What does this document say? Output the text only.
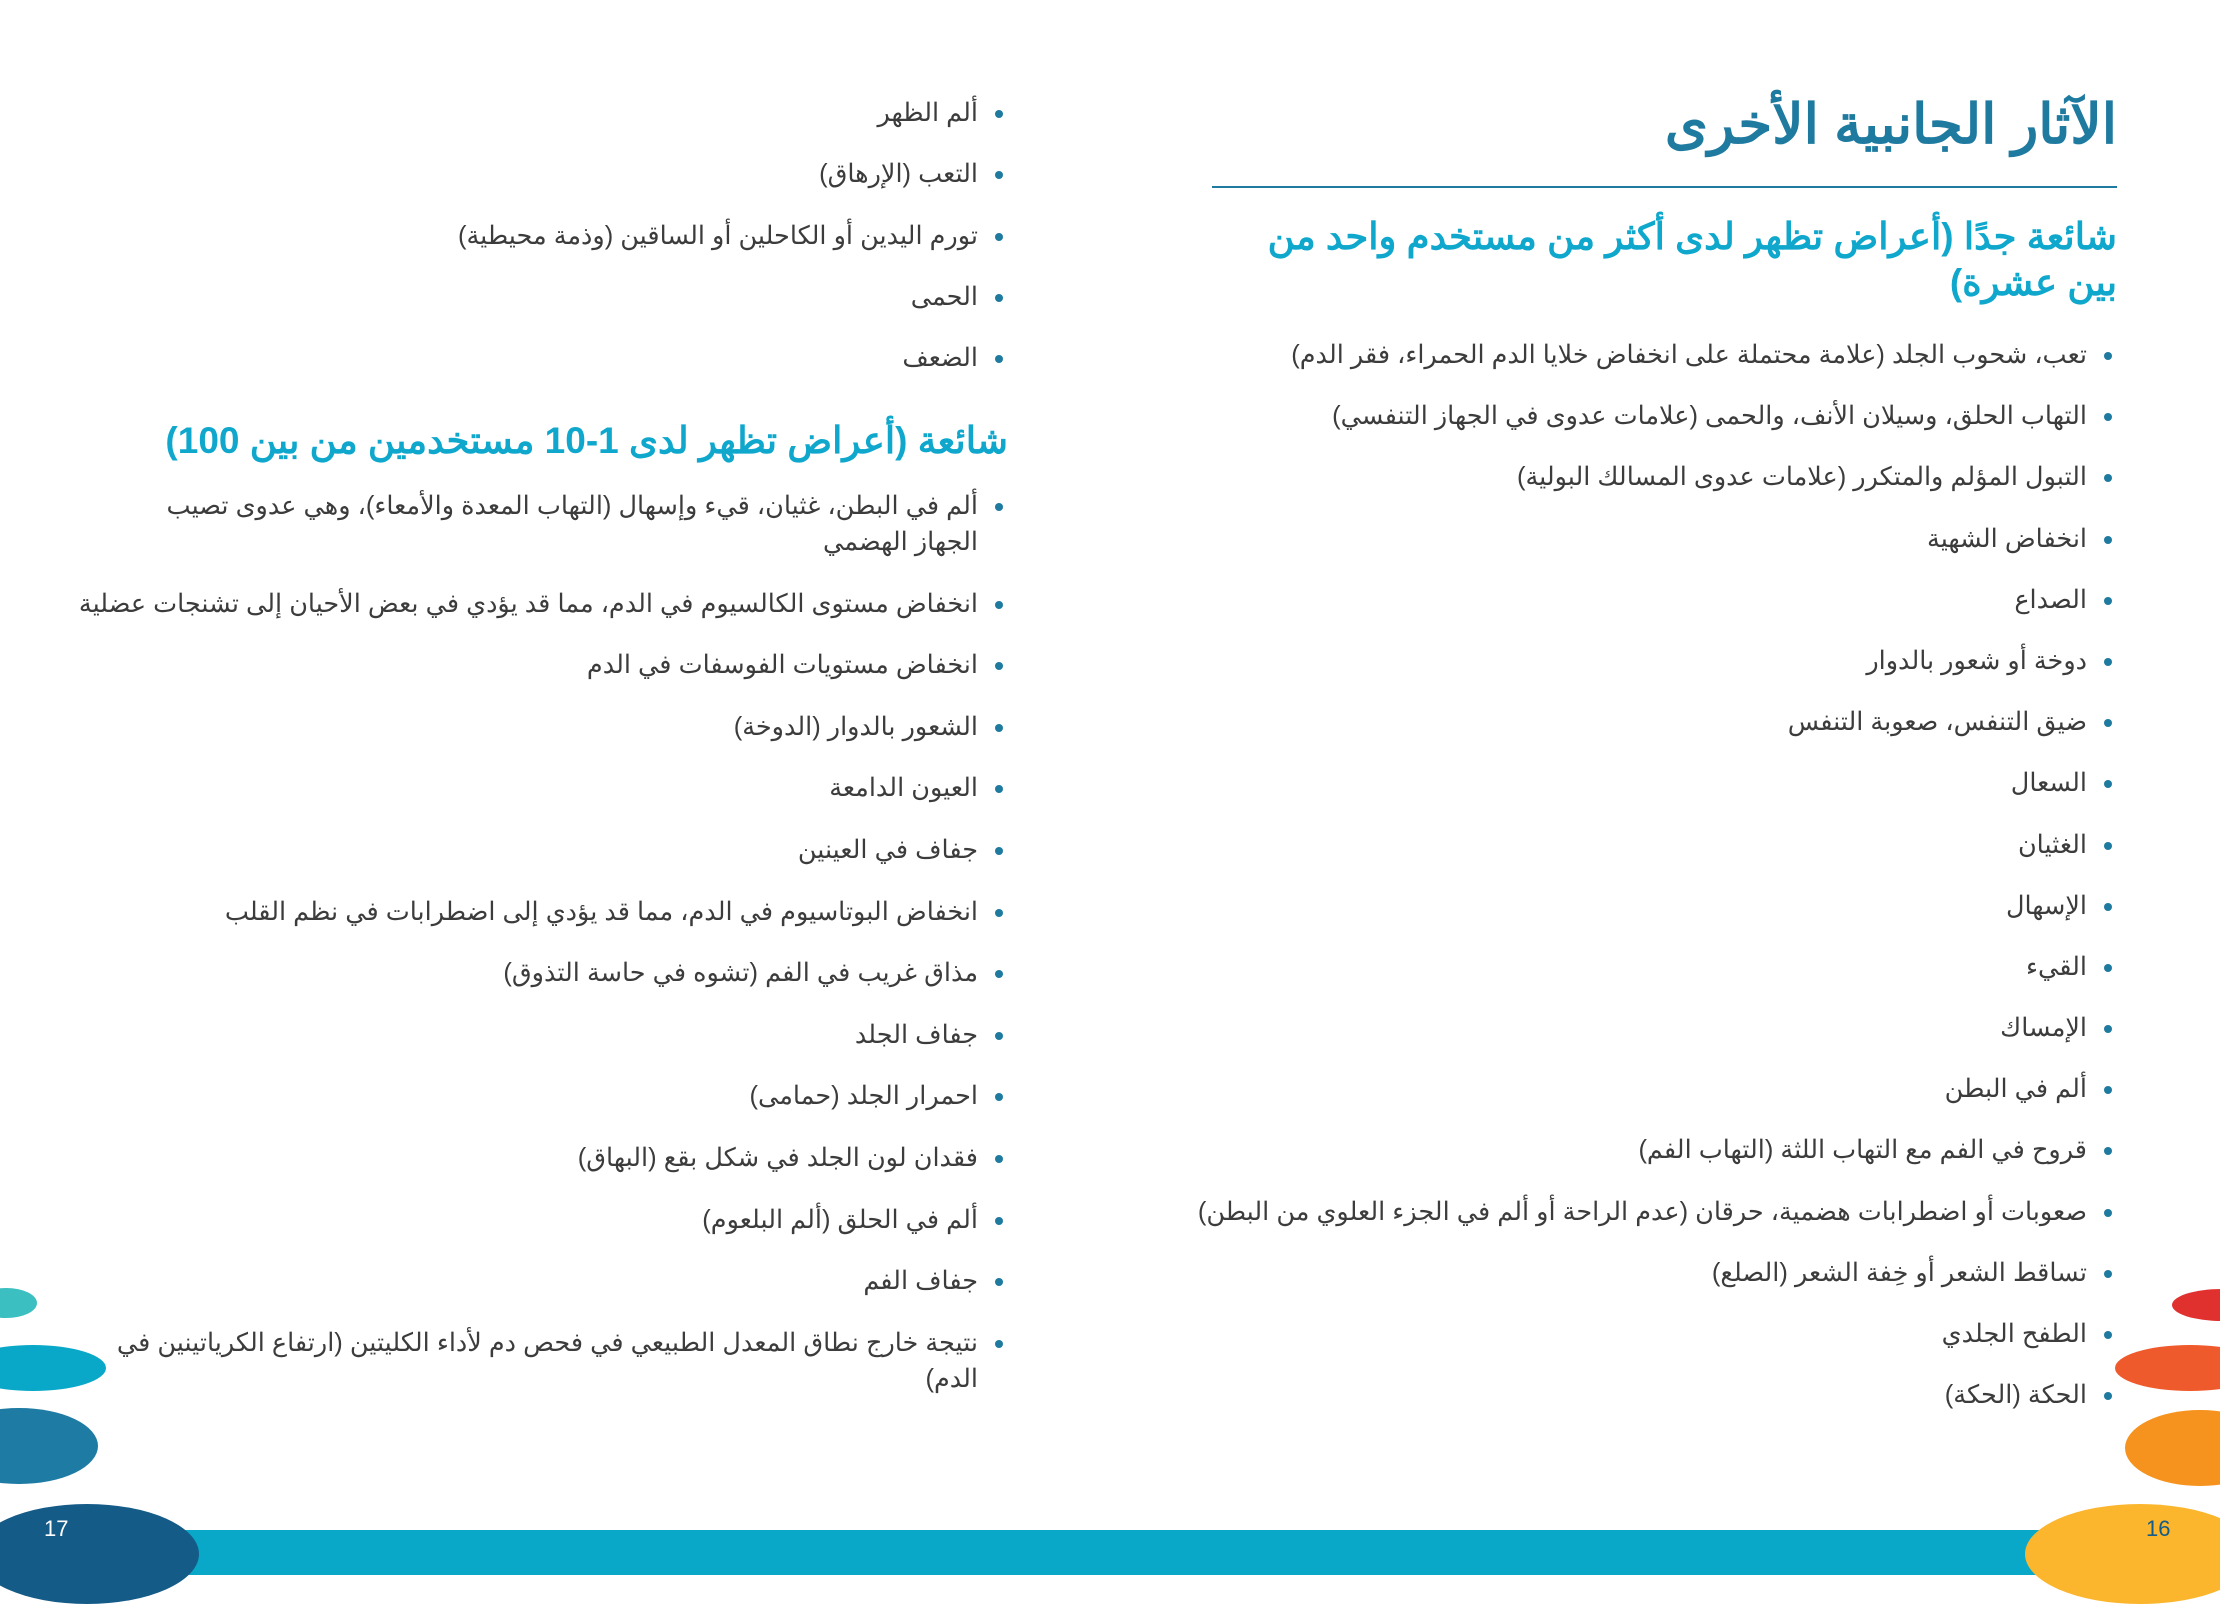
17	16
الآثار الجانبية الأخرى
شائعة جدًا (أعراض تظهر لدى أكثر من مستخدم واحد من بين عشرة)
تعب، شحوب الجلد (علامة محتملة على انخفاض خلايا الدم الحمراء، فقر الدم)
التهاب الحلق، وسيلان الأنف، والحمى (علامات عدوى في الجهاز التنفسي)
التبول المؤلم والمتكرر (علامات عدوى المسالك البولية)
انخفاض الشهية
الصداع
دوخة أو شعور بالدوار
ضيق التنفس، صعوبة التنفس
السعال
الغثيان
الإسهال
القيء
الإمساك
ألم في البطن
قروح في الفم مع التهاب اللثة (التهاب الفم)
صعوبات أو اضطرابات هضمية، حرقان (عدم الراحة أو ألم في الجزء العلوي من البطن)
تساقط الشعر أو خِفة الشعر (الصلع)
الطفح الجلدي
الحكة (الحكة)
ألم الظهر
التعب (الإرهاق)
تورم اليدين أو الكاحلين أو الساقين (وذمة محيطية)
الحمى
الضعف
شائعة (أعراض تظهر لدى 1-10 مستخدمين من بين 100)
ألم في البطن، غثيان، قيء وإسهال (التهاب المعدة والأمعاء)، وهي عدوى تصيب الجهاز الهضمي
انخفاض مستوى الكالسيوم في الدم، مما قد يؤدي في بعض الأحيان إلى تشنجات عضلية
انخفاض مستويات الفوسفات في الدم
الشعور بالدوار (الدوخة)
العيون الدامعة
جفاف في العينين
انخفاض البوتاسيوم في الدم، مما قد يؤدي إلى اضطرابات في نظم القلب
مذاق غريب في الفم (تشوه في حاسة التذوق)
جفاف الجلد
احمرار الجلد (حمامى)
فقدان لون الجلد في شكل بقع (البهاق)
ألم في الحلق (ألم البلعوم)
جفاف الفم
نتيجة خارج نطاق المعدل الطبيعي في فحص دم لأداء الكليتين (ارتفاع الكرياتينين في الدم)
